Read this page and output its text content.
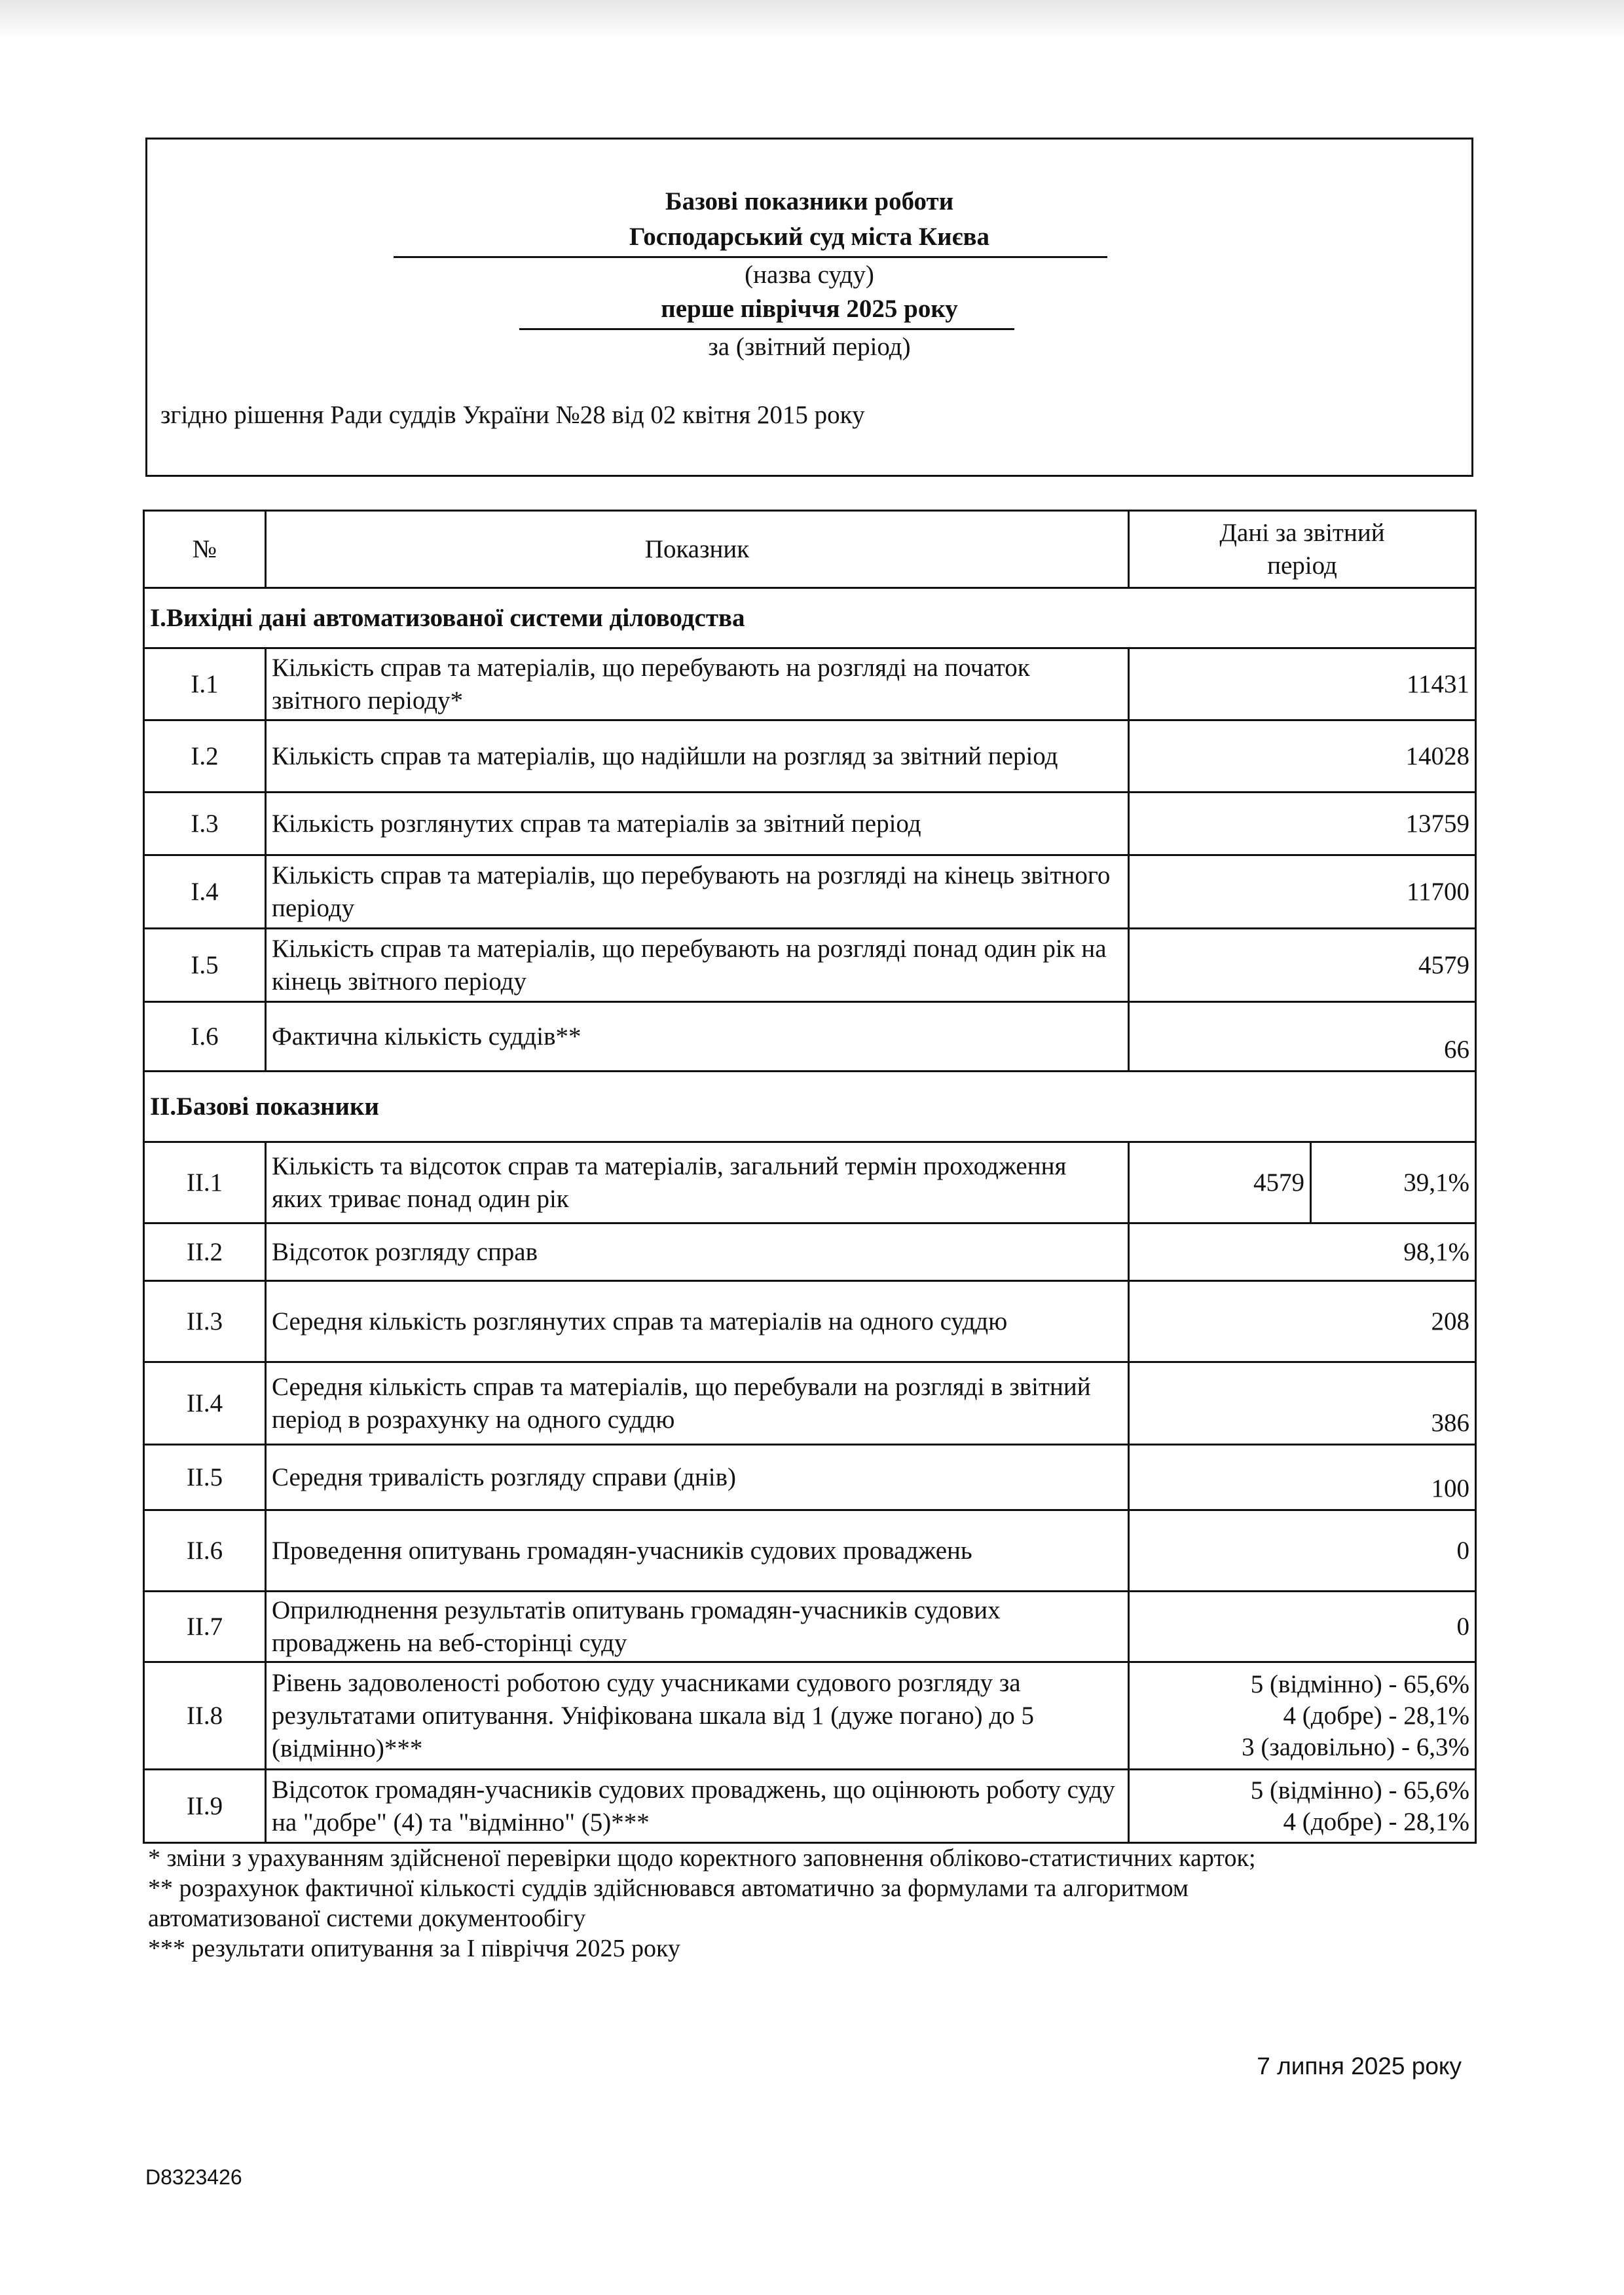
Базові показники роботи
Господарський суд міста Києва
(назва суду)
перше півріччя 2025 року
за (звітний період)
згідно рішення Ради суддів України №28 від 02 квітня 2015 року
№	Показник	Дані за звітний
період	

І.Вихідні дані автоматизованої системи діловодства			
І.1	Кількість справ та матеріалів, що перебувають на розгляді на початок звітного періоду*	11431	
І.2	Кількість справ та матеріалів, що надійшли на розгляд за звітний період	14028	
І.3	Кількість розглянутих справ та матеріалів за звітний період	13759	
І.4	Кількість справ та матеріалів, що перебувають на розгляді на кінець звітного періоду	11700	
І.5	Кількість справ та матеріалів, що перебувають на розгляді понад один рік на кінець звітного періоду	4579	
І.6	Фактична кількість суддів**	66	
ІІ.Базові показники			
ІІ.1	Кількість та відсоток справ та матеріалів, загальний термін проходження яких триває понад один рік	4579	39,1%
ІІ.2	Відсоток розгляду справ	98,1%	
ІІ.3	Середня кількість розглянутих справ та матеріалів на одного суддю	208	
ІІ.4	Середня кількість справ та матеріалів, що перебували на розгляді в звітний період в розрахунку на одного суддю	386	
ІІ.5	Середня тривалість розгляду справи (днів)	100	
ІІ.6	Проведення опитувань громадян-учасників судових проваджень	0	
ІІ.7	Оприлюднення результатів опитувань громадян-учасників судових проваджень на веб-сторінці суду	0	
ІІ.8	Рівень задоволеності роботою суду учасниками судового розгляду за результатами опитування. Уніфікована шкала від 1 (дуже погано) до 5 (відмінно)***	5 (відмінно) - 65,6%
4 (добре) - 28,1%
3 (задовільно) - 6,3%	

ІІ.9	Відсоток громадян-учасників судових проваджень, що оцінюють роботу суду на "добре" (4) та "відмінно" (5)***	5 (відмінно) - 65,6%
4 (добре) - 28,1%	
* зміни з урахуванням здійсненої перевірки щодо коректного заповнення обліково-статистичних карток;
** розрахунок фактичної кількості суддів здійснювався автоматично за формулами та алгоритмом
автоматизованої системи документообігу
*** результати опитування за І півріччя 2025 року
7 липня 2025 року
D8323426
